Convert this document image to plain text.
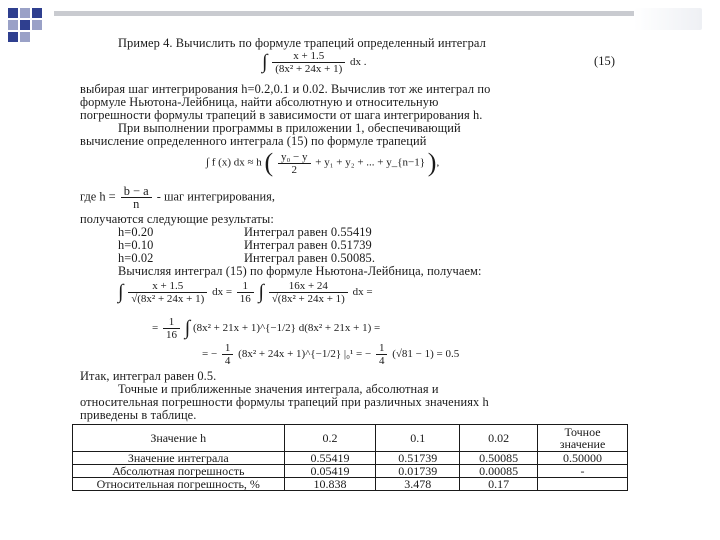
Пример 4. Вычислить по формуле трапеций определенный интеграл
∫ $\frac{x + 1.5}{\text{(8x² + 24x + 1)}}$ dx .	(15)
выбирая шаг интегрирования h=0.2,0.1 и 0.02. Вычислив тот же интеграл по
формуле Ньютона-Лейбница, найти абсолютную и относительную
погрешности формулы трапеций в зависимости от шага интегрирования h.
При выполнении программы в приложении 1, обеспечивающий
вычисление определенного интеграла (15) по формуле трапеций
∫ f (x) dx ≈ h ( $\frac{\text{y₀ − y}}{2} + y_1 + y_2$ + ... + y_{n−1} ),
где $h = \frac{b - a}{n}$ - шаг интегрирования,
получаются следующие результаты:
h=0.20	Интеграл равен 0.55419
h=0.10	Интеграл равен 0.51739
h=0.02	Интеграл равен 0.50085.
Вычисляя интеграл (15) по формуле Ньютона-Лейбница, получаем:
∫ $\frac{x + 1.5}{\text{√(8x² + 24x + 1)}}$ dx = $\frac{1}{16}$ ∫ $\frac{16x + 24}{\text{√(8x² + 24x + 1)}}$ dx =
= $\frac{1}{16}$ ∫ (8x² + 21x + 1)^{−1/2} d(8x² + 21x + 1) =
= − $\frac{1}{4} (8x^2 + 24x$ + 1)^{−1/2} |₀¹ = − $\frac{1}{4} (√81 - 1) = 0.5$
Итак, интеграл равен 0.5.
Точные и приближенные значения интеграла, абсолютная и
относительная погрешности формулы трапеций при различных значениях h
приведены в таблице.
Значение h	0.2	0.1	0.02	Точное значение
Значение интеграла	0.55419	0.51739	0.50085	0.50000
Абсолютная погрешность	0.05419	0.01739	0.00085	-
Относительная погрешность, %	10.838	3.478	0.17	
